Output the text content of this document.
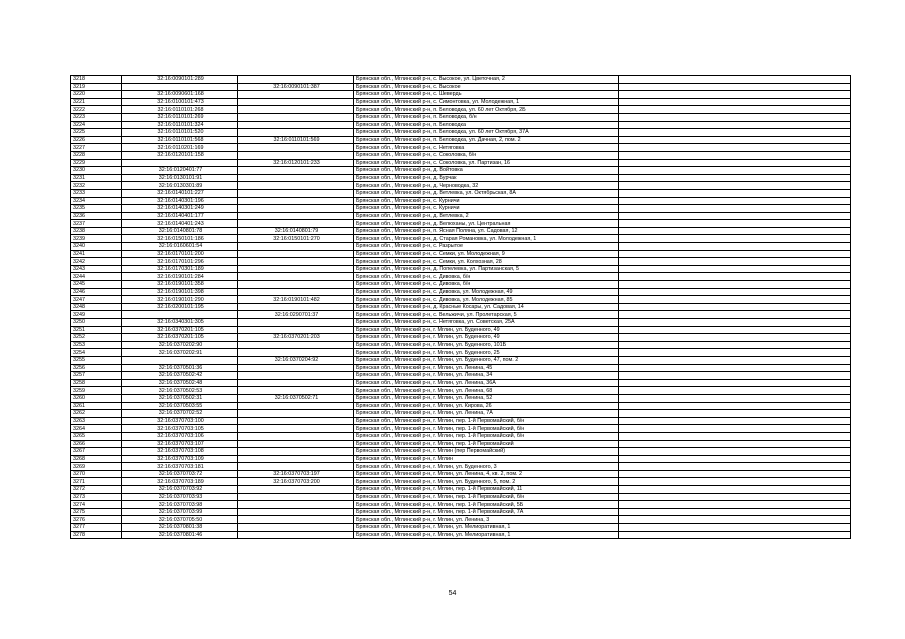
3218	32:16:0090101:289		Брянская обл., Мглинский р-н, с. Высокое, ул. Цветочная, 2	
3219		32:16:0090101:387	Брянская обл., Мглинский р-н, с. Высокое	
3220	32:16:0090601:168		Брянская обл., Мглинский р-н, с. Шевердь	
3221	32:16:0100101:473		Брянская обл., Мглинский р-н, с. Симонтовка, ул. Молодежная, 1	
3222	32:16:0110101:268		Брянская обл., Мглинский р-н, п. Беловодка, ул. 60 лет Октября, 2Б	
3223	32:16:0110101:269		Брянская обл., Мглинский р-н, п. Беловодка, б/н	
3224	32:16:0110101:324		Брянская обл., Мглинский р-н, п. Беловодка	
3225	32:16:0110101:520		Брянская обл., Мглинский р-н, п. Беловодка, ул. 60 лет Октября, 37А	
3226	32:16:0110101:568	32:16:0110101:569	Брянская обл., Мглинский р-н, п. Беловодка, ул. Дачная, 2, пом. 2	
3227	32:16:0110201:169		Брянская обл., Мглинский р-н, с. Нетяговка	
3228	32:16:0120101:158		Брянская обл., Мглинский р-н, с. Соколовка, б/н	
3229		32:16:0120101:233	Брянская обл., Мглинский р-н, с. Соколовка, ул. Партизан, 16	
3230	32:16:0120401:77		Брянская обл., Мглинский р-н, д. Войтовка	
3231	32:16:0130101:91		Брянская обл., Мглинский р-н, д. Бурчак	
3232	32:16:0130301:89		Брянская обл., Мглинский р-н, д. Черноводка, 32	
3233	32:16:0140101:227		Брянская обл., Мглинский р-н, д. Ветлевка, ул. Октябрьская, 8А	
3234	32:16:0140301:196		Брянская обл., Мглинский р-н, с. Курничи	
3235	32:16:0140301:249		Брянская обл., Мглинский р-н, с. Курничи	
3236	32:16:0140401:177		Брянская обл., Мглинский р-н, д. Ветлевка, 2	
3237	32:16:0140401:243		Брянская обл., Мглинский р-н, д. Велюханы, ул. Центральная	
3238	32:16:0140801:78	32:16:0140801:79	Брянская обл., Мглинский р-н, п. Ясная Поляна, ул. Садовая, 12	
3239	32:16:0150101:186	32:16:0150101:270	Брянская обл., Мглинский р-н, д. Старая Романовка, ул. Молодежная, 1	
3240	32:16:0160601:54		Брянская обл., Мглинский р-н, с. Разрытое	
3241	32:16:0170101:200		Брянская обл., Мглинский р-н, с. Семки, ул. Молодежная, 9	
3242	32:16:0170101:296		Брянская обл., Мглинский р-н, с. Семки, ул. Колхозная, 28	
3243	32:16:0170301:189		Брянская обл., Мглинский р-н, д. Попелевка, ул. Партизанская, 5	
3244	32:16:0190101:284		Брянская обл., Мглинский р-н, с. Дивовка, б/н	
3245	32:16:0190101:358		Брянская обл., Мглинский р-н, с. Дивовка, б/н	
3246	32:16:0190101:398		Брянская обл., Мглинский р-н, с. Дивовка, ул. Молодежная, 49	
3247	32:16:0190101:290	32:16:0190101:482	Брянская обл., Мглинский р-н, с. Дивовка, ул. Молодежная, 85	
3248	32:16:0200101:195		Брянская обл., Мглинский р-н, д. Красные Косары, ул. Садовая, 14	
3249		32:16:0290701:37	Брянская обл., Мглинский р-н, с. Вельжичи, ул. Пролетарская, 5	
3250	32:16:0340301:305		Брянская обл., Мглинский р-н, с. Нетяговка, ул. Советская, 25А	
3251	32:16:0370201:105		Брянская обл., Мглинский р-н, г. Мглин, ул. Буденного, 49	
3252	32:16:0370201:105	32:16:0370201:203	Брянская обл., Мглинский р-н, г. Мглин, ул. Буденного, 49	
3253	32:16:0370202:90		Брянская обл., Мглинский р-н, г. Мглин, ул. Буденного, 101Б	
3254	32:16:0370202:91		Брянская обл., Мглинский р-н, г. Мглин, ул. Буденного, 25	
3255		32:16:0370204:92	Брянская обл., Мглинский р-н, г. Мглин, ул. Буденного, 47, пом. 2	
3256	32:16:0370501:36		Брянская обл., Мглинский р-н, г. Мглин, ул. Ленина, 45	
3257	32:16:0370502:42		Брянская обл., Мглинский р-н, г. Мглин, ул. Ленина, 34	
3258	32:16:0370502:48		Брянская обл., Мглинский р-н, г. Мглин, ул. Ленина, 36А	
3259	32:16:0370502:53		Брянская обл., Мглинский р-н, г. Мглин, ул. Ленина, 68	
3260	32:16:0370502:31	32:16:0370502:71	Брянская обл., Мглинский р-н, г. Мглин, ул. Ленина, 52	
3261	32:16:0370503:55		Брянская обл., Мглинский р-н, г. Мглин, ул. Кирова, 26	
3262	32:16:0370702:52		Брянская обл., Мглинский р-н, г. Мглин, ул. Ленина, 7А	
3263	32:16:0370703:100		Брянская обл., Мглинский р-н, г. Мглин, пер. 1-й Первомайский, б/н	
3264	32:16:0370703:105		Брянская обл., Мглинский р-н, г. Мглин, пер. 1-й Первомайский, б/н	
3265	32:16:0370703:106		Брянская обл., Мглинский р-н, г. Мглин, пер. 1-й Первомайский, б/н	
3266	32:16:0370703:107		Брянская обл., Мглинский р-н, г. Мглин, пер. 1-й Первомайский	
3267	32:16:0370703:108		Брянская обл., Мглинский р-н, г. Мглин (пер Первомайский)	
3268	32:16:0370703:109		Брянская обл., Мглинский р-н, г. Мглин	
3269	32:16:0370703:181		Брянская обл., Мглинский р-н, г. Мглин, ул. Буденного, 3	
3270	32:16:0370703:72	32:16:0370703:197	Брянская обл., Мглинский р-н, г. Мглин, ул. Ленина, 4, кв. 2, пом. 2	
3271	32:16:0370703:189	32:16:0370703:200	Брянская обл., Мглинский р-н, г. Мглин, ул. Буденного, 5, пом. 2	
3272	32:16:0370703:92		Брянская обл., Мглинский р-н, г. Мглин, пер. 1-й Первомайский, 11	
3273	32:16:0370703:93		Брянская обл., Мглинский р-н, г. Мглин, пер. 1-й Первомайский, б/н	
3274	32:16:0370703:98		Брянская обл., Мглинский р-н, г. Мглин, пер. 1-й Первомайский, 5Б	
3275	32:16:0370703:99		Брянская обл., Мглинский р-н, г. Мглин, пер. 1-й Первомайский, 7А	
3276	32:16:0370705:50		Брянская обл., Мглинский р-н, г. Мглин, ул. Ленина, 3	
3277	32:16:0370801:38		Брянская обл., Мглинский р-н, г. Мглин, ул. Мелиоративная, 1	
3278	32:16:0370801:46		Брянская обл., Мглинский р-н, г. Мглин, ул. Мелиоративная, 1	
54
